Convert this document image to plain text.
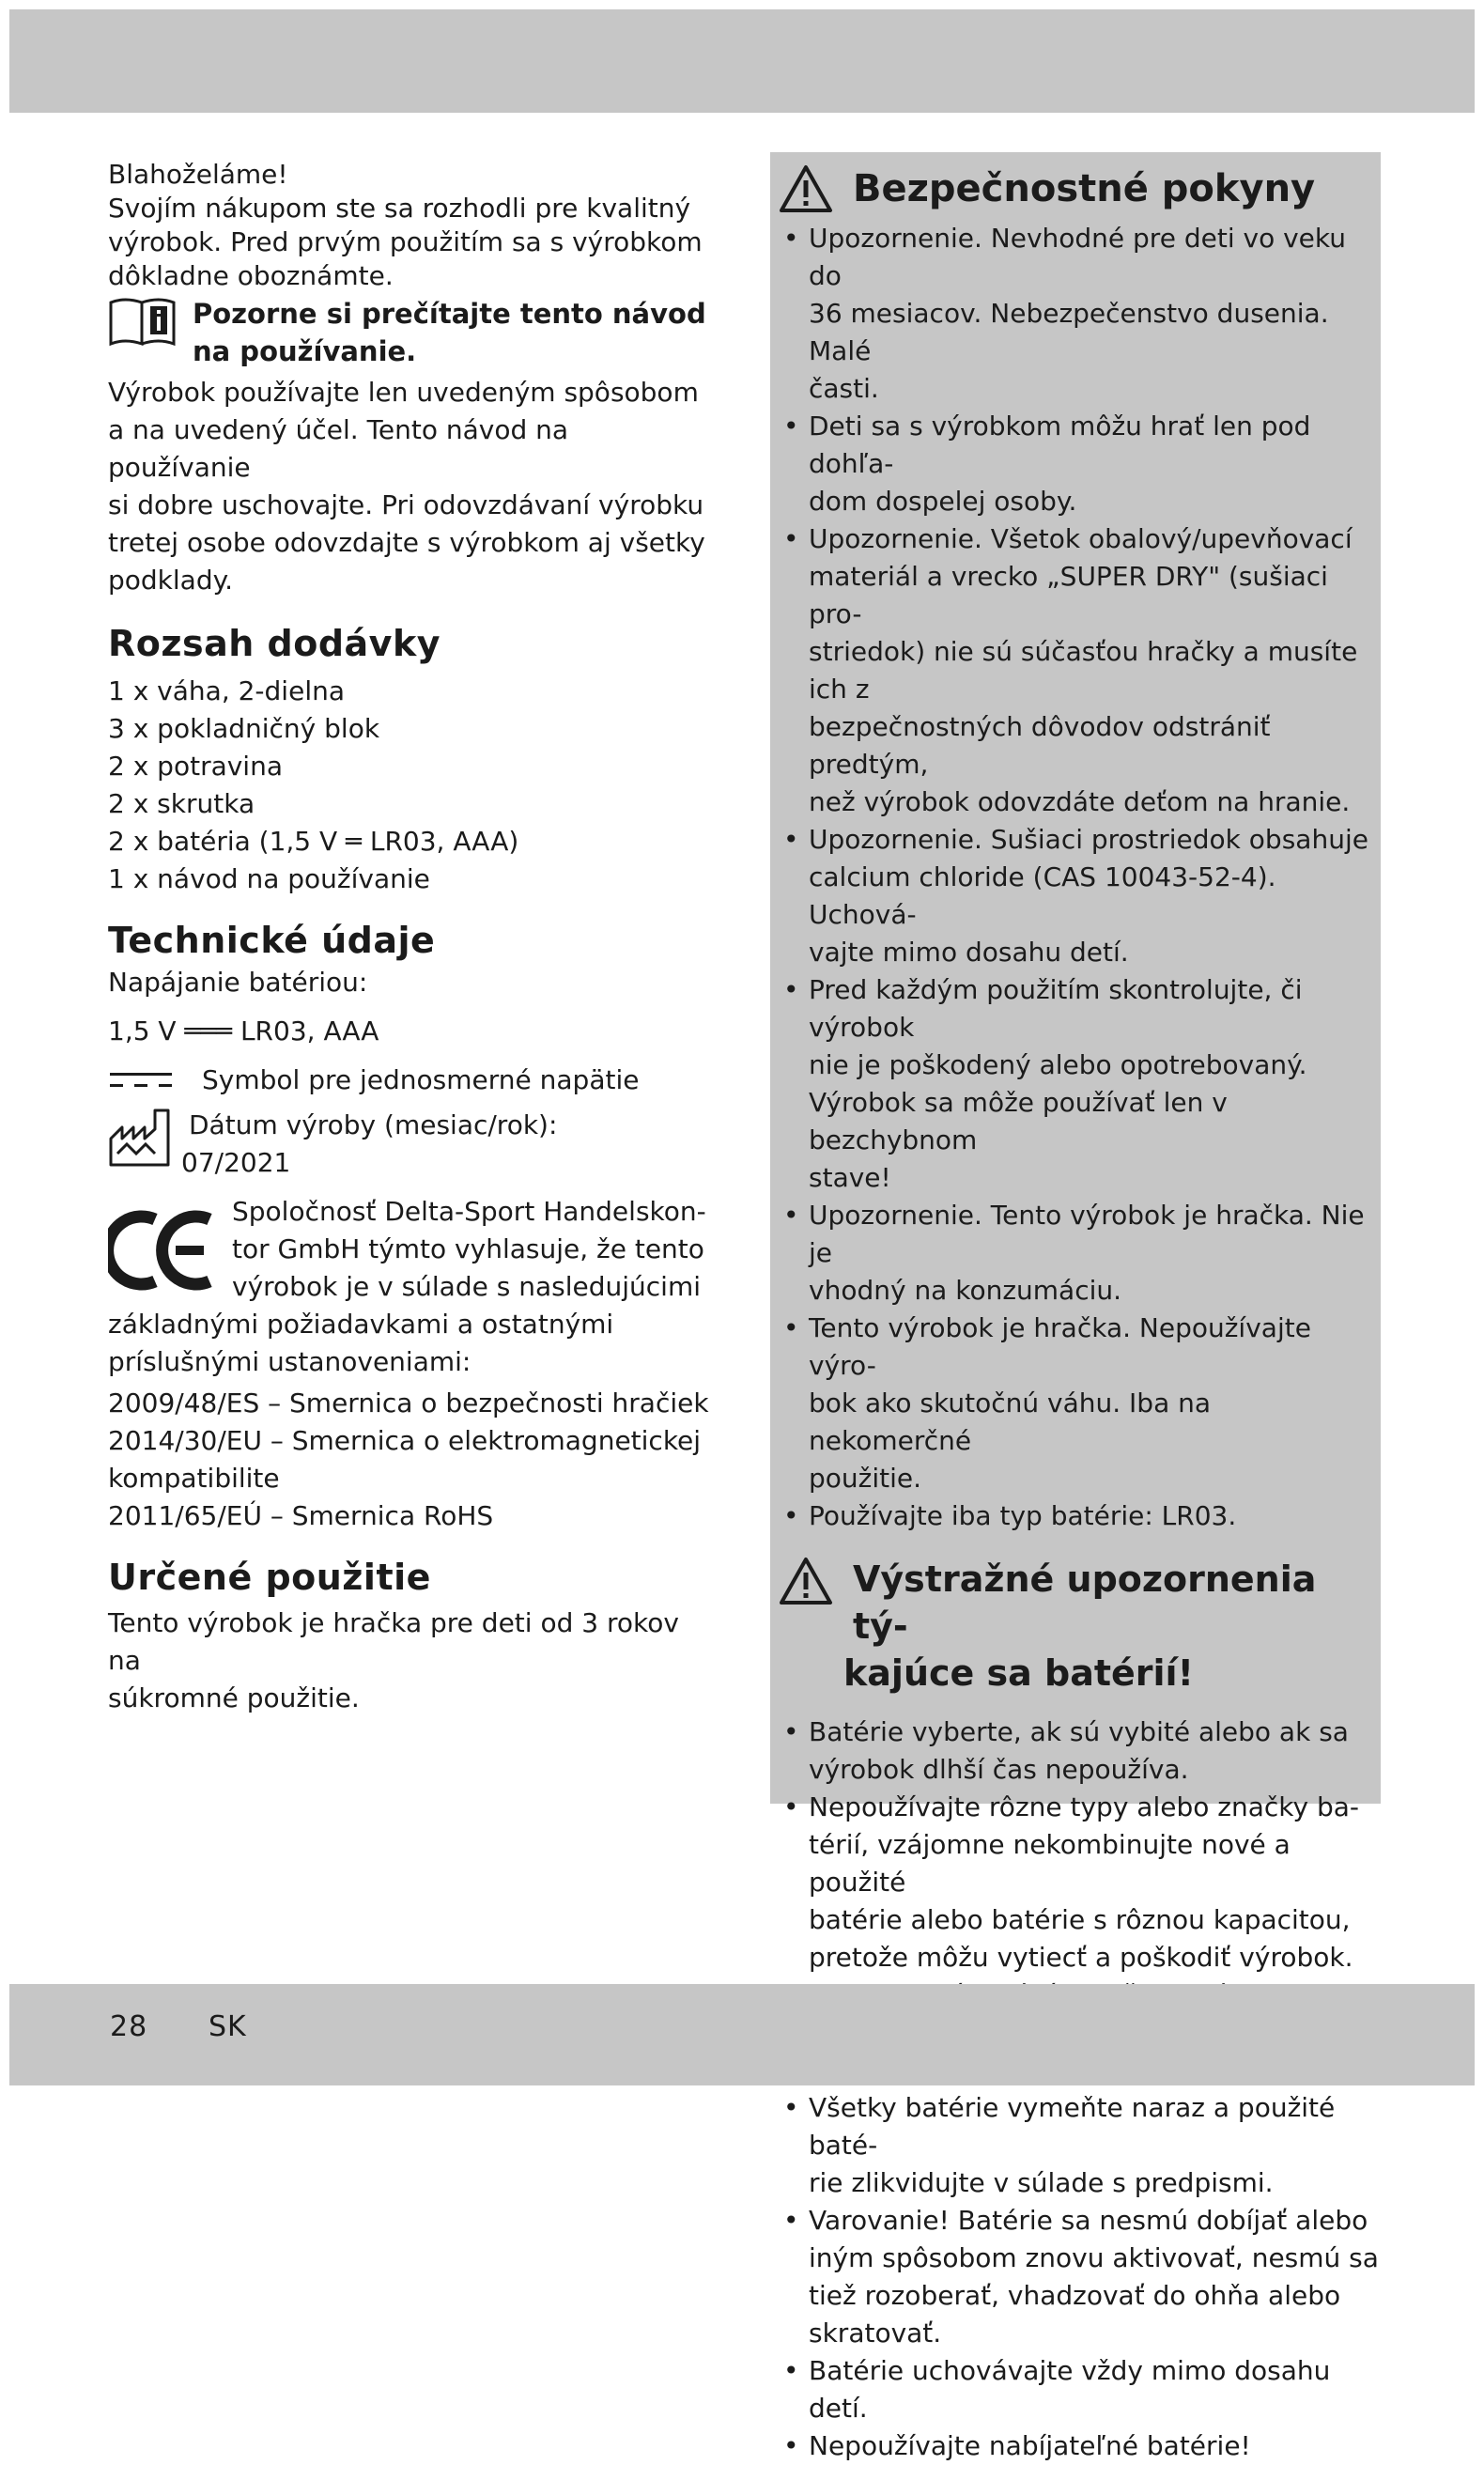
Blahoželáme!

Svojím nákupom ste sa rozhodli pre kvalitný

výrobok. Pred prvým použitím sa s výrobkom

dôkladne oboznámte.

Pozorne si prečítajte tento návod
na používanie.

Výrobok používajte len uvedeným spôsobom

a na uvedený účel. Tento návod na používanie

si dobre uschovajte. Pri odovzdávaní výrobku

tretej osobe odovzdajte s výrobkom aj všetky

podklady.

Rozsah dodávky

1 x váha, 2-dielna

3 x pokladničný blok

2 x potravina

2 x skrutka

2 x batéria (1,5 V ═ LR03, AAA)

1 x návod na používanie

Technické údaje

Napájanie batériou:

1,5 V ═══ LR03, AAA

Symbol pre jednosmerné napätie
Dátum výroby (mesiac/rok):
07/2021

Spoločnosť Delta-Sport Handelskon-

tor GmbH týmto vyhlasuje, že tento

výrobok je v súlade s nasledujúcimi

základnými požiadavkami a ostatnými

príslušnými ustanoveniami:

2009/48/ES – Smernica o bezpečnosti hračiek

2014/30/EU – Smernica o elektromagnetickej

kompatibilite

2011/65/EÚ – Smernica RoHS

Určené použitie

Tento výrobok je hračka pre deti od 3 rokov na

súkromné použitie.

Bezpečnostné pokyny
• Upozornenie. Nevhodné pre deti vo veku do
36 mesiacov. Nebezpečenstvo dusenia. Malé
časti.
• Deti sa s výrobkom môžu hrať len pod dohľa-
dom dospelej osoby.
• Upozornenie. Všetok obalový/upevňovací
materiál a vrecko „SUPER DRY" (sušiaci pro-
striedok) nie sú súčasťou hračky a musíte ich z
bezpečnostných dôvodov odstrániť predtým,
než výrobok odovzdáte deťom na hranie.
• Upozornenie. Sušiaci prostriedok obsahuje
calcium chloride (CAS 10043-52-4). Uchová-
vajte mimo dosahu detí.
• Pred každým použitím skontrolujte, či výrobok
nie je poškodený alebo opotrebovaný.
Výrobok sa môže používať len v bezchybnom
stave!
• Upozornenie. Tento výrobok je hračka. Nie je
vhodný na konzumáciu.
• Tento výrobok je hračka. Nepoužívajte výro-
bok ako skutočnú váhu. Iba na nekomerčné
použitie.
• Používajte iba typ batérie: LR03.
Výstražné upozornenia tý-
kajúce sa batérií!
• Batérie vyberte, ak sú vybité alebo ak sa
výrobok dlhší čas nepoužíva.
• Nepoužívajte rôzne typy alebo značky ba-
térií, vzájomne nekombinujte nové a použité
batérie alebo batérie s rôznou kapacitou,
pretože môžu vytiecť a poškodiť výrobok.
•
• Všetky batérie vymeňte naraz a použité baté-
rie zlikvidujte v súlade s predpismi.
• Varovanie! Batérie sa nesmú dobíjať alebo
iným spôsobom znovu aktivovať, nesmú sa
tiež rozoberať, vhadzovať do ohňa alebo
skratovať.
• Batérie uchovávajte vždy mimo dosahu detí.
• Nepoužívajte nabíjateľné batérie!
28 SK
